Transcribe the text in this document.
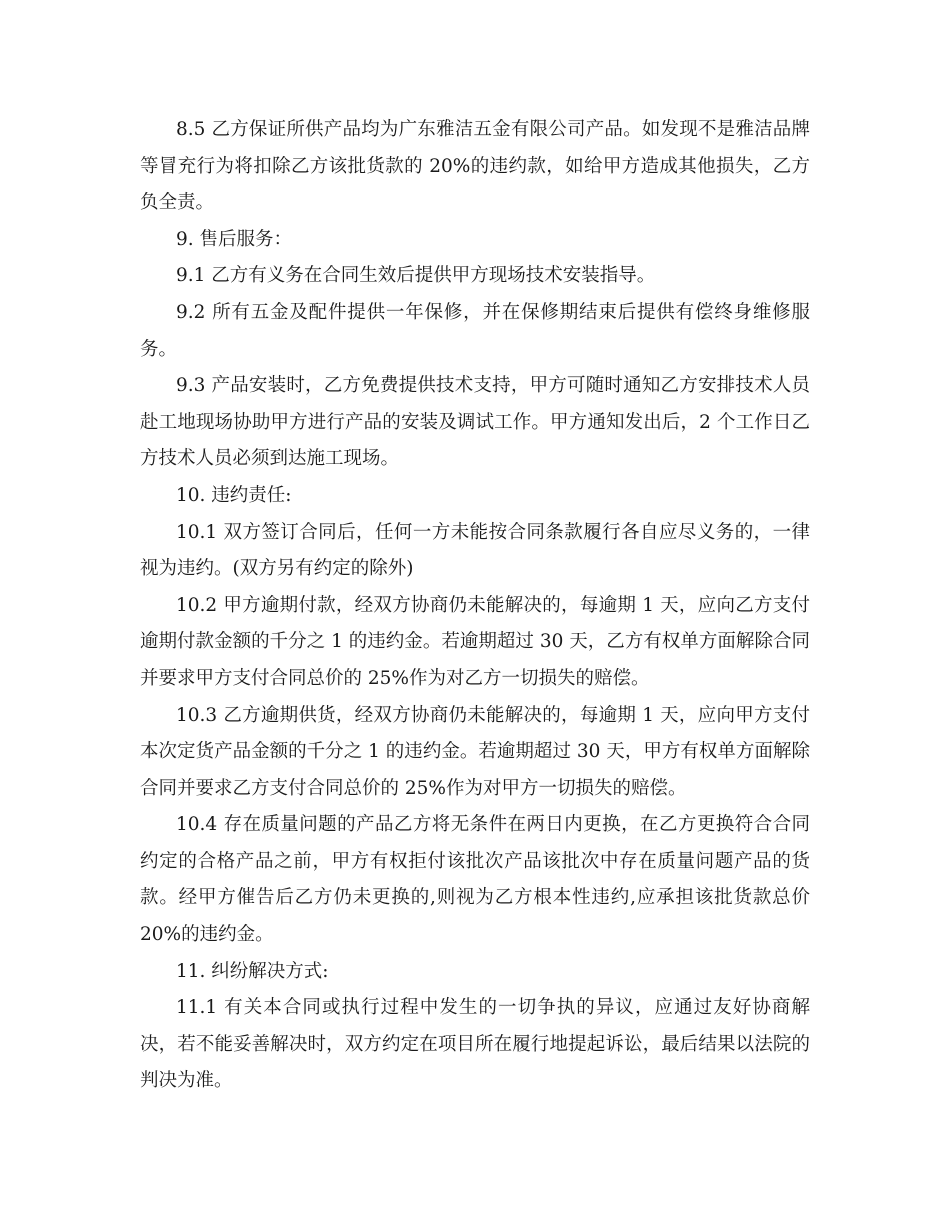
8.5 乙方保证所供产品均为广东雅洁五金有限公司产品。如发现不是雅洁品牌等冒充行为将扣除乙方该批货款的 20%的违约款，如给甲方造成其他损失，乙方负全责。

9. 售后服务：

9.1 乙方有义务在合同生效后提供甲方现场技术安装指导。

9.2 所有五金及配件提供一年保修，并在保修期结束后提供有偿终身维修服务。

9.3 产品安装时，乙方免费提供技术支持，甲方可随时通知乙方安排技术人员赴工地现场协助甲方进行产品的安装及调试工作。甲方通知发出后，2 个工作日乙方技术人员必须到达施工现场。

10. 违约责任:

10.1 双方签订合同后，任何一方未能按合同条款履行各自应尽义务的，一律视为违约。(双方另有约定的除外)

10.2 甲方逾期付款，经双方协商仍未能解决的，每逾期 1 天，应向乙方支付逾期付款金额的千分之 1 的违约金。若逾期超过 30 天，乙方有权单方面解除合同并要求甲方支付合同总价的 25%作为对乙方一切损失的赔偿。

10.3 乙方逾期供货，经双方协商仍未能解决的，每逾期 1 天，应向甲方支付本次定货产品金额的千分之 1 的违约金。若逾期超过 30 天，甲方有权单方面解除合同并要求乙方支付合同总价的 25%作为对甲方一切损失的赔偿。

10.4 存在质量问题的产品乙方将无条件在两日内更换，在乙方更换符合合同约定的合格产品之前，甲方有权拒付该批次产品该批次中存在质量问题产品的货款。经甲方催告后乙方仍未更换的,则视为乙方根本性违约,应承担该批货款总价 20%的违约金。

11. 纠纷解决方式:

11.1 有关本合同或执行过程中发生的一切争执的异议，应通过友好协商解决，若不能妥善解决时，双方约定在项目所在履行地提起诉讼，最后结果以法院的判决为准。
